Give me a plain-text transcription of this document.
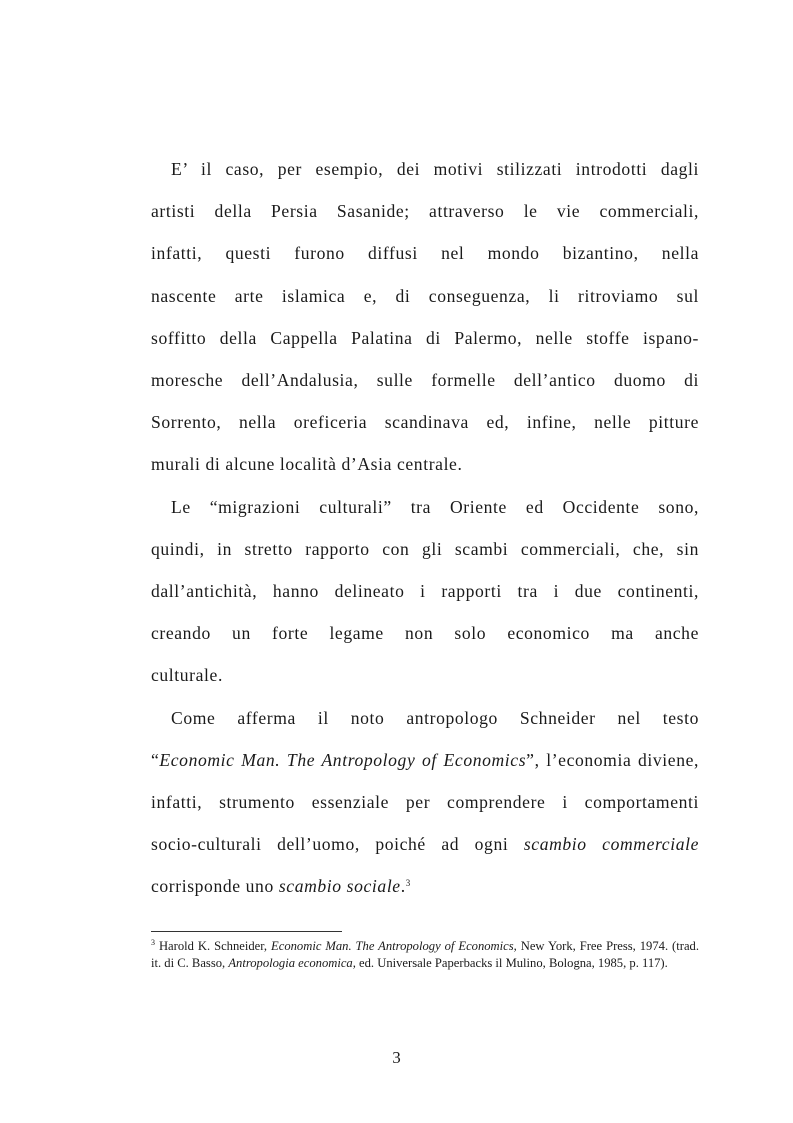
E’ il caso, per esempio, dei motivi stilizzati introdotti dagli
artisti della Persia Sasanide; attraverso le vie commerciali,
infatti, questi furono diffusi nel mondo bizantino, nella
nascente arte islamica e, di conseguenza, li ritroviamo sul
soffitto della Cappella Palatina di Palermo, nelle stoffe ispano-
moresche dell’Andalusia, sulle formelle dell’antico duomo di
Sorrento, nella oreficeria scandinava ed, infine, nelle pitture
murali di alcune località d’Asia centrale.

Le “migrazioni culturali” tra Oriente ed Occidente sono,
quindi, in stretto rapporto con gli scambi commerciali, che, sin
dall’antichità, hanno delineato i rapporti tra i due continenti,
creando un forte legame non solo economico ma anche
culturale.

Come afferma il noto antropologo Schneider nel testo
“Economic Man. The Antropology of Economics”, l’economia diviene,
infatti, strumento essenziale per comprendere i comportamenti
socio-culturali dell’uomo, poiché ad ogni scambio commerciale
corrisponde uno scambio sociale.$^3$

$^3$ Harold K. Schneider, Economic Man. The Antropology of Economics, New York, Free Press, 1974. (trad. it. di C. Basso, Antropologia economica, ed. Universale Paperbacks il Mulino, Bologna, 1985, p. 117).
3
